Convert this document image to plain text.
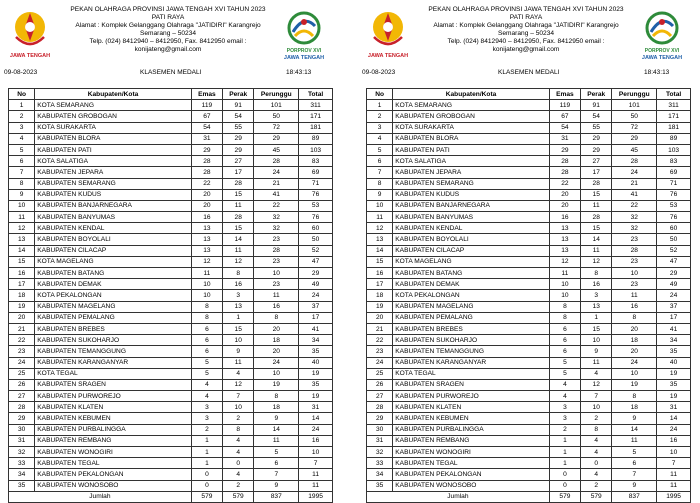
JAWA TENGAH
PEKAN OLAHRAGA PROVINSI JAWA TENGAH XVI TAHUN 2023
PATI RAYA
Alamat : Komplek Gelanggang Olahraga "JATIDIRI" Karangrejo
Semarang – 50234
Telp. (024) 8412940 – 8412950, Fax. 8412950 email :
konijateng@gmail.com	PORPROV XVI
JAWA TENGAH
09-08-2023	KLASEMEN MEDALI	18:43:13
No	Kabupaten/Kota	Emas	Perak	Perunggu	Total
1	KOTA SEMARANG	119	91	101	311
2	KABUPATEN GROBOGAN	67	54	50	171
3	KOTA SURAKARTA	54	55	72	181
4	KABUPATEN BLORA	31	29	29	89
5	KABUPATEN PATI	29	29	45	103
6	KOTA SALATIGA	28	27	28	83
7	KABUPATEN JEPARA	28	17	24	69
8	KABUPATEN SEMARANG	22	28	21	71
9	KABUPATEN KUDUS	20	15	41	76
10	KABUPATEN BANJARNEGARA	20	11	22	53
11	KABUPATEN BANYUMAS	16	28	32	76
12	KABUPATEN KENDAL	13	15	32	60
13	KABUPATEN BOYOLALI	13	14	23	50
14	KABUPATEN CILACAP	13	11	28	52
15	KOTA MAGELANG	12	12	23	47
16	KABUPATEN BATANG	11	8	10	29
17	KABUPATEN DEMAK	10	16	23	49
18	KOTA PEKALONGAN	10	3	11	24
19	KABUPATEN MAGELANG	8	13	16	37
20	KABUPATEN PEMALANG	8	1	8	17
21	KABUPATEN BREBES	6	15	20	41
22	KABUPATEN SUKOHARJO	6	10	18	34
23	KABUPATEN TEMANGGUNG	6	9	20	35
24	KABUPATEN KARANGANYAR	5	11	24	40
25	KOTA TEGAL	5	4	10	19
26	KABUPATEN SRAGEN	4	12	19	35
27	KABUPATEN PURWOREJO	4	7	8	19
28	KABUPATEN KLATEN	3	10	18	31
29	KABUPATEN KEBUMEN	3	2	9	14
30	KABUPATEN PURBALINGGA	2	8	14	24
31	KABUPATEN REMBANG	1	4	11	16
32	KABUPATEN WONOGIRI	1	4	5	10
33	KABUPATEN TEGAL	1	0	6	7
34	KABUPATEN PEKALONGAN	0	4	7	11
35	KABUPATEN WONOSOBO	0	2	9	11
Jumlah		579	579	837	1995
JAWA TENGAH
PEKAN OLAHRAGA PROVINSI JAWA TENGAH XVI TAHUN 2023
PATI RAYA
Alamat : Komplek Gelanggang Olahraga "JATIDIRI" Karangrejo
Semarang – 50234
Telp. (024) 8412940 – 8412950, Fax. 8412950 email :
konijateng@gmail.com	PORPROV XVI
JAWA TENGAH
09-08-2023	KLASEMEN MEDALI	18:43:13
No	Kabupaten/Kota	Emas	Perak	Perunggu	Total
1	KOTA SEMARANG	119	91	101	311
2	KABUPATEN GROBOGAN	67	54	50	171
3	KOTA SURAKARTA	54	55	72	181
4	KABUPATEN BLORA	31	29	29	89
5	KABUPATEN PATI	29	29	45	103
6	KOTA SALATIGA	28	27	28	83
7	KABUPATEN JEPARA	28	17	24	69
8	KABUPATEN SEMARANG	22	28	21	71
9	KABUPATEN KUDUS	20	15	41	76
10	KABUPATEN BANJARNEGARA	20	11	22	53
11	KABUPATEN BANYUMAS	16	28	32	76
12	KABUPATEN KENDAL	13	15	32	60
13	KABUPATEN BOYOLALI	13	14	23	50
14	KABUPATEN CILACAP	13	11	28	52
15	KOTA MAGELANG	12	12	23	47
16	KABUPATEN BATANG	11	8	10	29
17	KABUPATEN DEMAK	10	16	23	49
18	KOTA PEKALONGAN	10	3	11	24
19	KABUPATEN MAGELANG	8	13	16	37
20	KABUPATEN PEMALANG	8	1	8	17
21	KABUPATEN BREBES	6	15	20	41
22	KABUPATEN SUKOHARJO	6	10	18	34
23	KABUPATEN TEMANGGUNG	6	9	20	35
24	KABUPATEN KARANGANYAR	5	11	24	40
25	KOTA TEGAL	5	4	10	19
26	KABUPATEN SRAGEN	4	12	19	35
27	KABUPATEN PURWOREJO	4	7	8	19
28	KABUPATEN KLATEN	3	10	18	31
29	KABUPATEN KEBUMEN	3	2	9	14
30	KABUPATEN PURBALINGGA	2	8	14	24
31	KABUPATEN REMBANG	1	4	11	16
32	KABUPATEN WONOGIRI	1	4	5	10
33	KABUPATEN TEGAL	1	0	6	7
34	KABUPATEN PEKALONGAN	0	4	7	11
35	KABUPATEN WONOSOBO	0	2	9	11
Jumlah		579	579	837	1995
